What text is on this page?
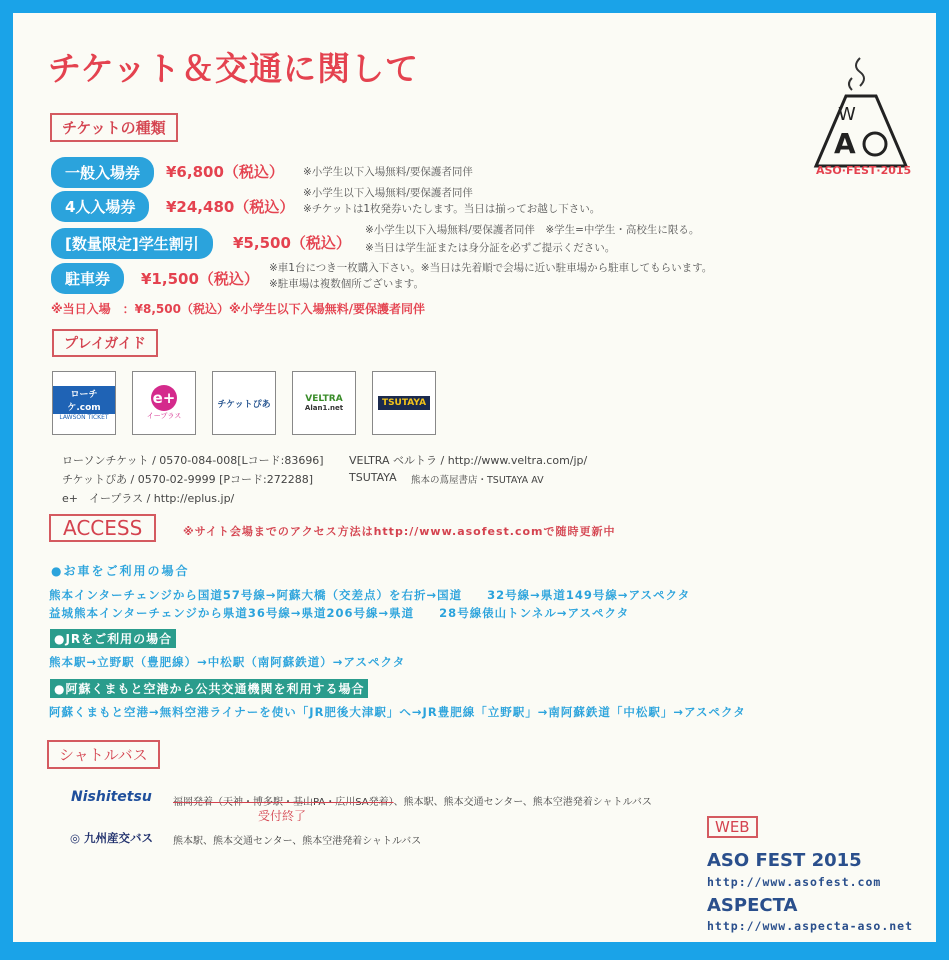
チケット＆交通に関して
W
A
ASO·FEST·2015
チケットの種類
一般入場券	¥6,800（税込） ※小学生以下入場無料/要保護者同伴
4人入場券	¥24,480（税込）
※小学生以下入場無料/要保護者同伴
※チケットは1枚発券いたします。当日は揃ってお越し下さい。
[数量限定]学生割引	¥5,500（税込）
※小学生以下入場無料/要保護者同伴　※学生=中学生・高校生に限る。
※当日は学生証または身分証を必ずご提示ください。
駐車券	¥1,500（税込）
※車1台につき一枚購入下さい。※当日は先着順で会場に近い駐車場から駐車してもらいます。
※駐車場は複数個所ございます。
※当日入場　：¥8,500（税込）※小学生以下入場無料/要保護者同伴
プレイガイド
ローチケ.com
LAWSON TICKET
e+
イープラス
チケットぴあ
VELTRA
Alan1.net	TSUTAYA
ローソンチケット / 0570-084-008[Lコード:83696]
チケットぴあ / 0570-02-9999 [Pコード:272288]
e+　イープラス / http://eplus.jp/
VELTRA ベルトラ / http://www.veltra.com/jp/
TSUTAYA 熊本の蔦屋書店・TSUTAYA AV
ACCESS	※サイト会場までのアクセス方法はhttp://www.asofest.comで随時更新中
●お車をご利用の場合
熊本インターチェンジから国道57号線→阿蘇大橋（交差点）を右折→国道　　32号線→県道149号線→アスペクタ
益城熊本インターチェンジから県道36号線→県道206号線→県道　　28号線俵山トンネル→アスペクタ
●JRをご利用の場合
熊本駅→立野駅（豊肥線）→中松駅（南阿蘇鉄道）→アスペクタ
●阿蘇くまもと空港から公共交通機関を利用する場合
阿蘇くまもと空港→無料空港ライナーを使い「JR肥後大津駅」へ→JR豊肥線「立野駅」→南阿蘇鉄道「中松駅」→アスペクタ
シャトルバス
Nishitetsu 福岡発着（天神・博多駅・基山PA・広川SA発着）、熊本駅、熊本交通センター、熊本空港発着シャトルバス
受付終了
◎ 九州産交バス 熊本駅、熊本交通センター、熊本空港発着シャトルバス
WEB
ASO FEST 2015
http://www.asofest.com
ASPECTA
http://www.aspecta-aso.net
